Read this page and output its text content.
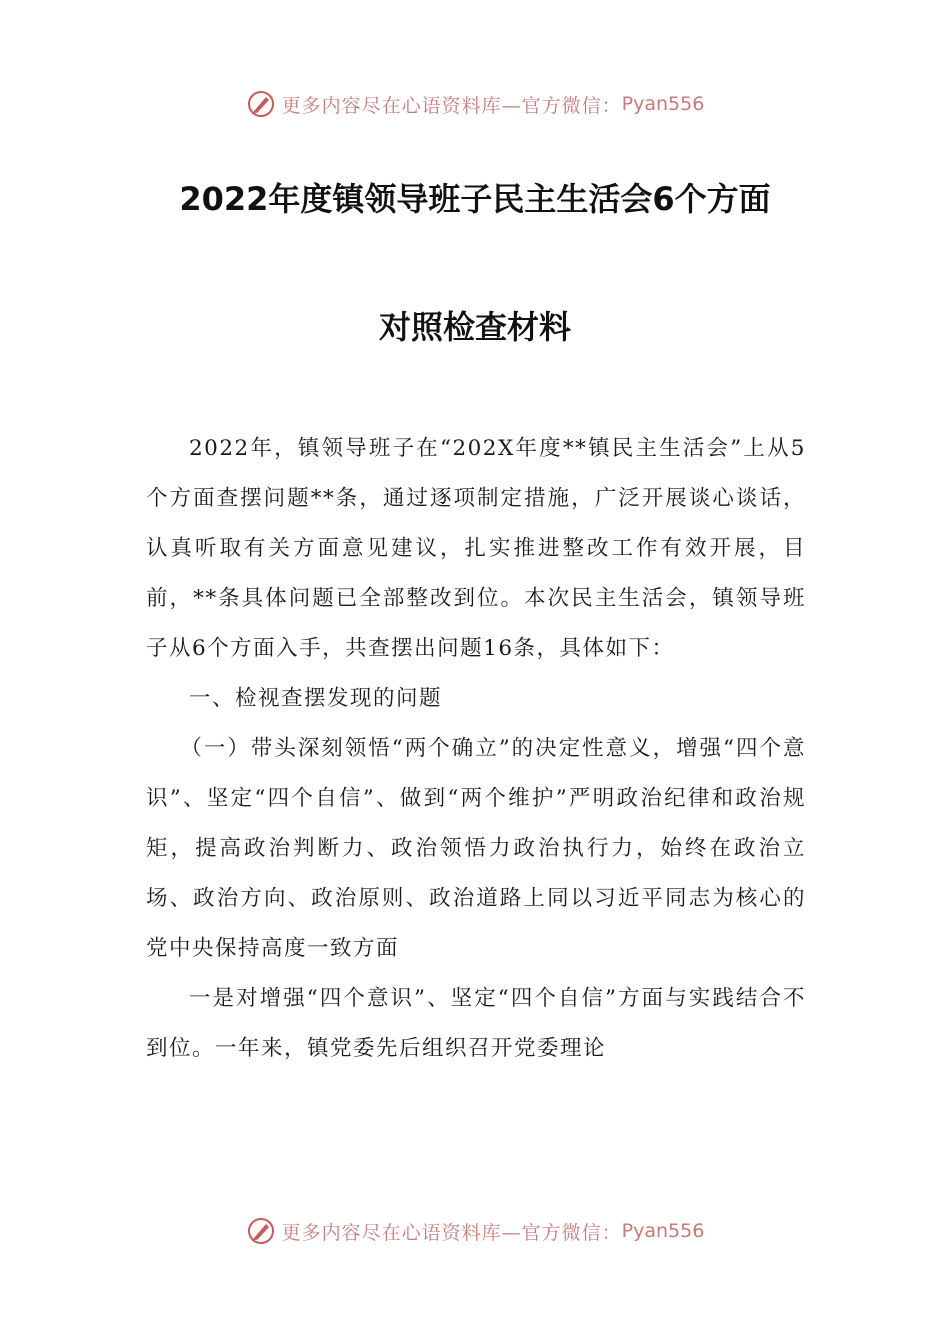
更多内容尽在心语资料库—官方微信： Pyan556
2022年度镇领导班子民主生活会6个方面
对照检查材料

2022年，镇领导班子在“202X年度**镇民主生活会”上从5个方面查摆问题**条，通过逐项制定措施，广泛开展谈心谈话，认真听取有关方面意见建议，扎实推进整改工作有效开展，目前，**条具体问题已全部整改到位。本次民主生活会，镇领导班子从6个方面入手，共查摆出问题16条，具体如下：

一、检视查摆发现的问题

（一）带头深刻领悟“两个确立”的决定性意义，增强“四个意识”、坚定“四个自信”、做到“两个维护”严明政治纪律和政治规矩，提高政治判断力、政治领悟力政治执行力，始终在政治立场、政治方向、政治原则、政治道路上同以习近平同志为核心的党中央保持高度一致方面

一是对增强“四个意识”、坚定“四个自信”方面与实践结合不到位。一年来，镇党委先后组织召开党委理论

更多内容尽在心语资料库—官方微信： Pyan556
